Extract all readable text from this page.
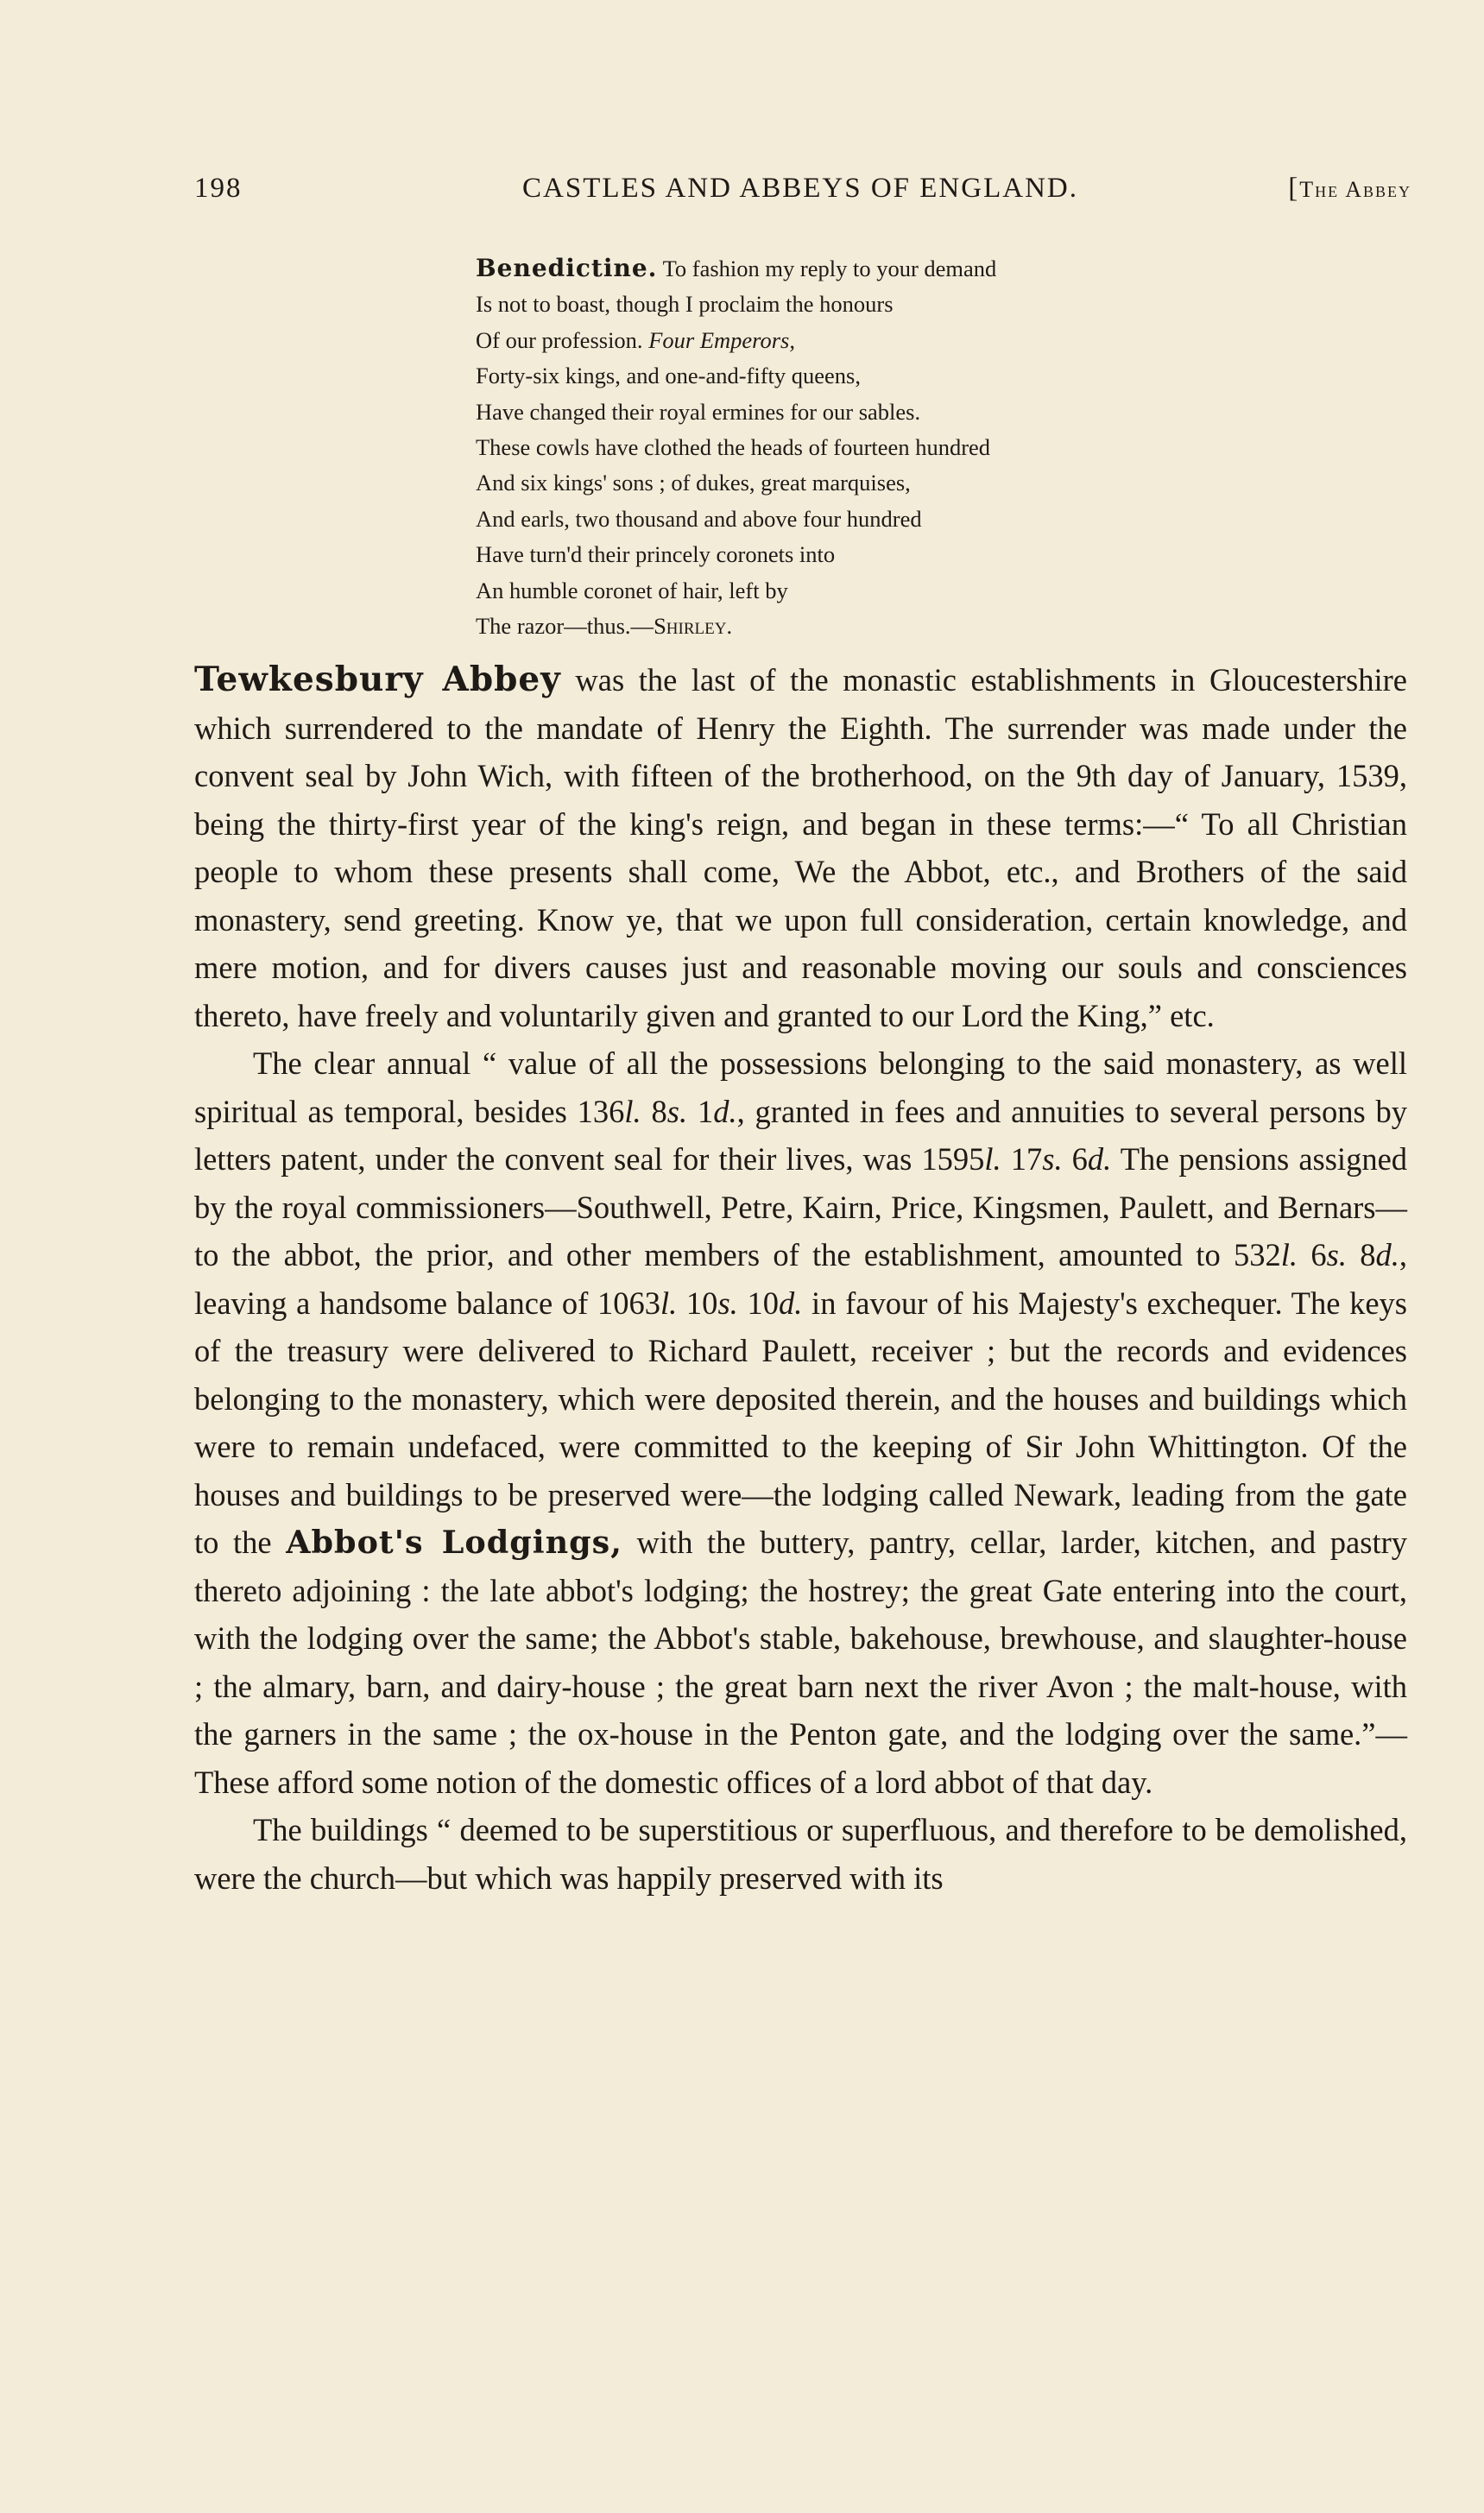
198	CASTLES AND ABBEYS OF ENGLAND.	[The Abbey
Benedictine. To fashion my reply to your demand
Is not to boast, though I proclaim the honours
Of our profession. Four Emperors,
Forty-six kings, and one-and-fifty queens,
Have changed their royal ermines for our sables.
These cowls have clothed the heads of fourteen hundred
And six kings' sons ; of dukes, great marquises,
And earls, two thousand and above four hundred
Have turn'd their princely coronets into
An humble coronet of hair, left by
The razor—thus.—Shirley.

Tewkesbury Abbey was the last of the monastic establishments in Gloucestershire which surrendered to the mandate of Henry the Eighth. The surrender was made under the convent seal by John Wich, with fifteen of the brotherhood, on the 9th day of January, 1539, being the thirty-first year of the king's reign, and began in these terms:—“ To all Christian people to whom these presents shall come, We the Abbot, etc., and Brothers of the said monastery, send greeting. Know ye, that we upon full consideration, certain knowledge, and mere motion, and for divers causes just and reasonable moving our souls and consciences thereto, have freely and voluntarily given and granted to our Lord the King,” etc.

The clear annual “ value of all the possessions belonging to the said monastery, as well spiritual as temporal, besides 136l. 8s. 1d., granted in fees and annuities to several persons by letters patent, under the convent seal for their lives, was 1595l. 17s. 6d. The pensions assigned by the royal commissioners—Southwell, Petre, Kairn, Price, Kingsmen, Paulett, and Bernars—to the abbot, the prior, and other members of the establishment, amounted to 532l. 6s. 8d., leaving a handsome balance of 1063l. 10s. 10d. in favour of his Majesty's exchequer. The keys of the treasury were delivered to Richard Paulett, receiver ; but the records and evidences belonging to the monastery, which were deposited therein, and the houses and buildings which were to remain undefaced, were committed to the keeping of Sir John Whittington. Of the houses and buildings to be preserved were—the lodging called Newark, leading from the gate to the Abbot's Lodgings, with the buttery, pantry, cellar, larder, kitchen, and pastry thereto adjoining : the late abbot's lodging; the hostrey; the great Gate entering into the court, with the lodging over the same; the Abbot's stable, bakehouse, brewhouse, and slaughter-house ; the almary, barn, and dairy-house ; the great barn next the river Avon ; the malt-house, with the garners in the same ; the ox-house in the Penton gate, and the lodging over the same.”—These afford some notion of the domestic offices of a lord abbot of that day.

The buildings “ deemed to be superstitious or superfluous, and therefore to be demolished, were the church—but which was happily preserved with its
